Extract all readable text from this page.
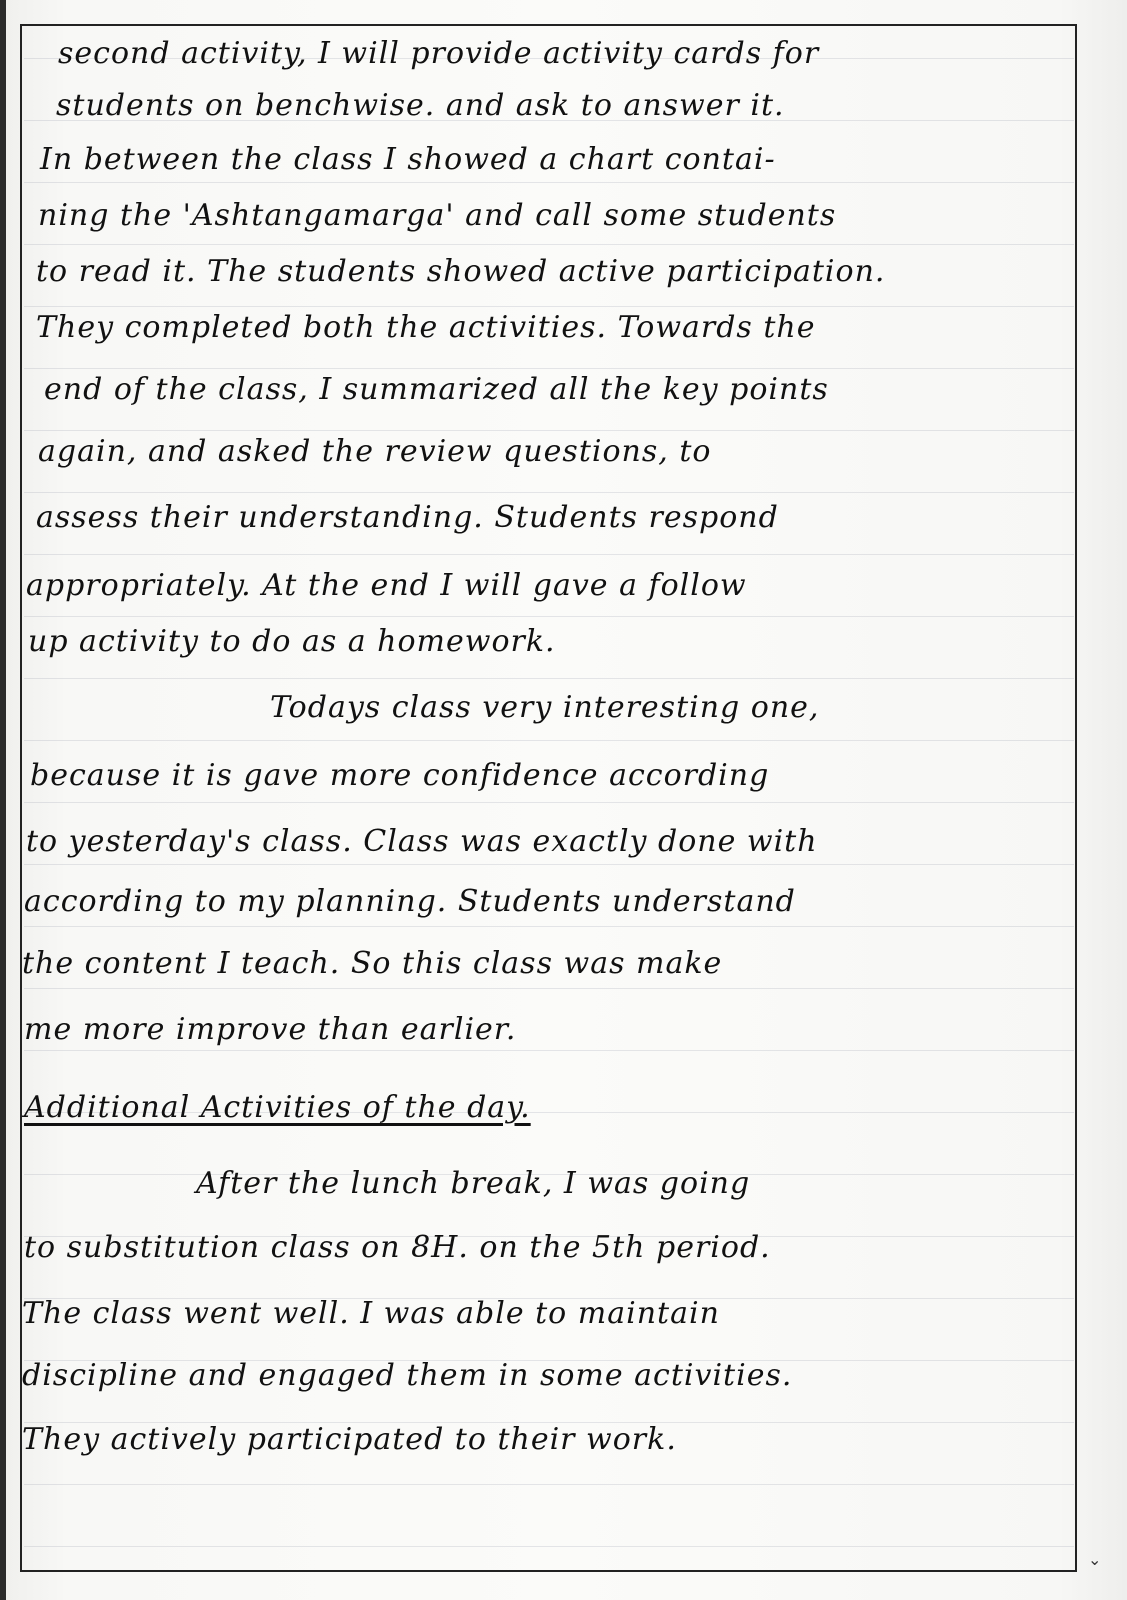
second activity, I will provide activity cards for
students on benchwise. and ask to answer it.
In between the class I showed a chart contai-
ning the 'Ashtangamarga' and call some students
to read it. The students showed active participation.
They completed both the activities. Towards the
end of the class, I summarized all the key points
again, and asked the review questions, to
assess their understanding. Students respond
appropriately. At the end I will gave a follow
up activity to do as a homework.
Todays class very interesting one,
because it is gave more confidence according
to yesterday's class. Class was exactly done with
according to my planning. Students understand
the content I teach. So this class was make
me more improve than earlier.
Additional Activities of the day.
After the lunch break, I was going
to substitution class on 8H. on the 5th period.
The class went well. I was able to maintain
discipline and engaged them in some activities.
They actively participated to their work.
⌄
